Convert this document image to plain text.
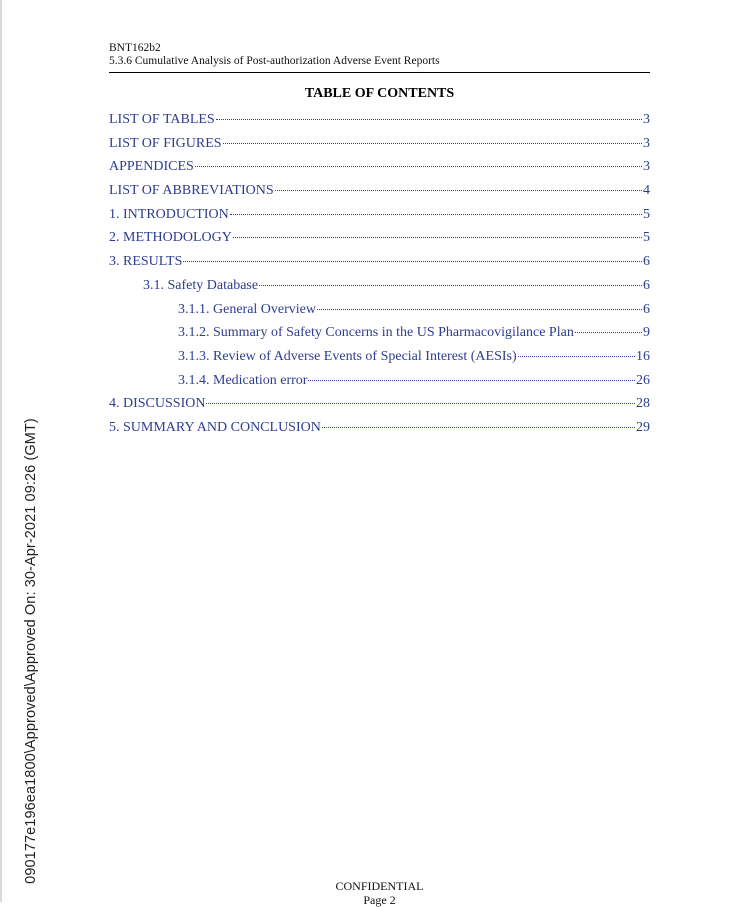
090177e196ea1800\Approved\Approved On: 30-Apr-2021 09:26 (GMT)
BNT162b2
5.3.6 Cumulative Analysis of Post-authorization Adverse Event Reports
TABLE OF CONTENTS
LIST OF TABLES	3
LIST OF FIGURES	3
APPENDICES	3
LIST OF ABBREVIATIONS	4
1. INTRODUCTION	5
2. METHODOLOGY	5
3. RESULTS	6
3.1. Safety Database	6
3.1.1. General Overview	6
3.1.2. Summary of Safety Concerns in the US Pharmacovigilance Plan	9
3.1.3. Review of Adverse Events of Special Interest (AESIs)	16
3.1.4. Medication error	26
4. DISCUSSION	28
5. SUMMARY AND CONCLUSION	29
CONFIDENTIAL
Page 2
